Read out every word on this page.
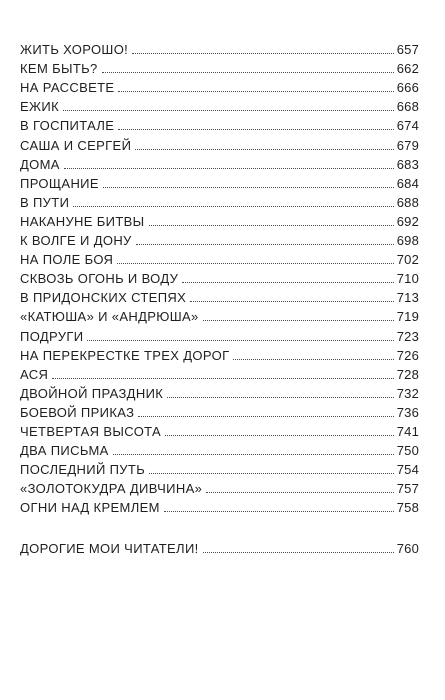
ЖИТЬ ХОРОШО!	657
КЕМ БЫТЬ?	662
НА РАССВЕТЕ	666
ЕЖИК	668
В ГОСПИТАЛЕ	674
САША И СЕРГЕЙ	679
ДОМА	683
ПРОЩАНИЕ	684
В ПУТИ	688
НАКАНУНЕ БИТВЫ	692
К ВОЛГЕ И ДОНУ	698
НА ПОЛЕ БОЯ	702
СКВОЗЬ ОГОНЬ И ВОДУ	710
В ПРИДОНСКИХ СТЕПЯХ	713
«КАТЮША» И «АНДРЮША»	719
ПОДРУГИ	723
НА ПЕРЕКРЕСТКЕ ТРЕХ ДОРОГ	726
АСЯ	728
ДВОЙНОЙ ПРАЗДНИК	732
БОЕВОЙ ПРИКАЗ	736
ЧЕТВЕРТАЯ ВЫСОТА	741
ДВА ПИСЬМА	750
ПОСЛЕДНИЙ ПУТЬ	754
«ЗОЛОТОКУДРА ДИВЧИНА»	757
ОГНИ НАД КРЕМЛЕМ	758
ДОРОГИЕ МОИ ЧИТАТЕЛИ!	760
